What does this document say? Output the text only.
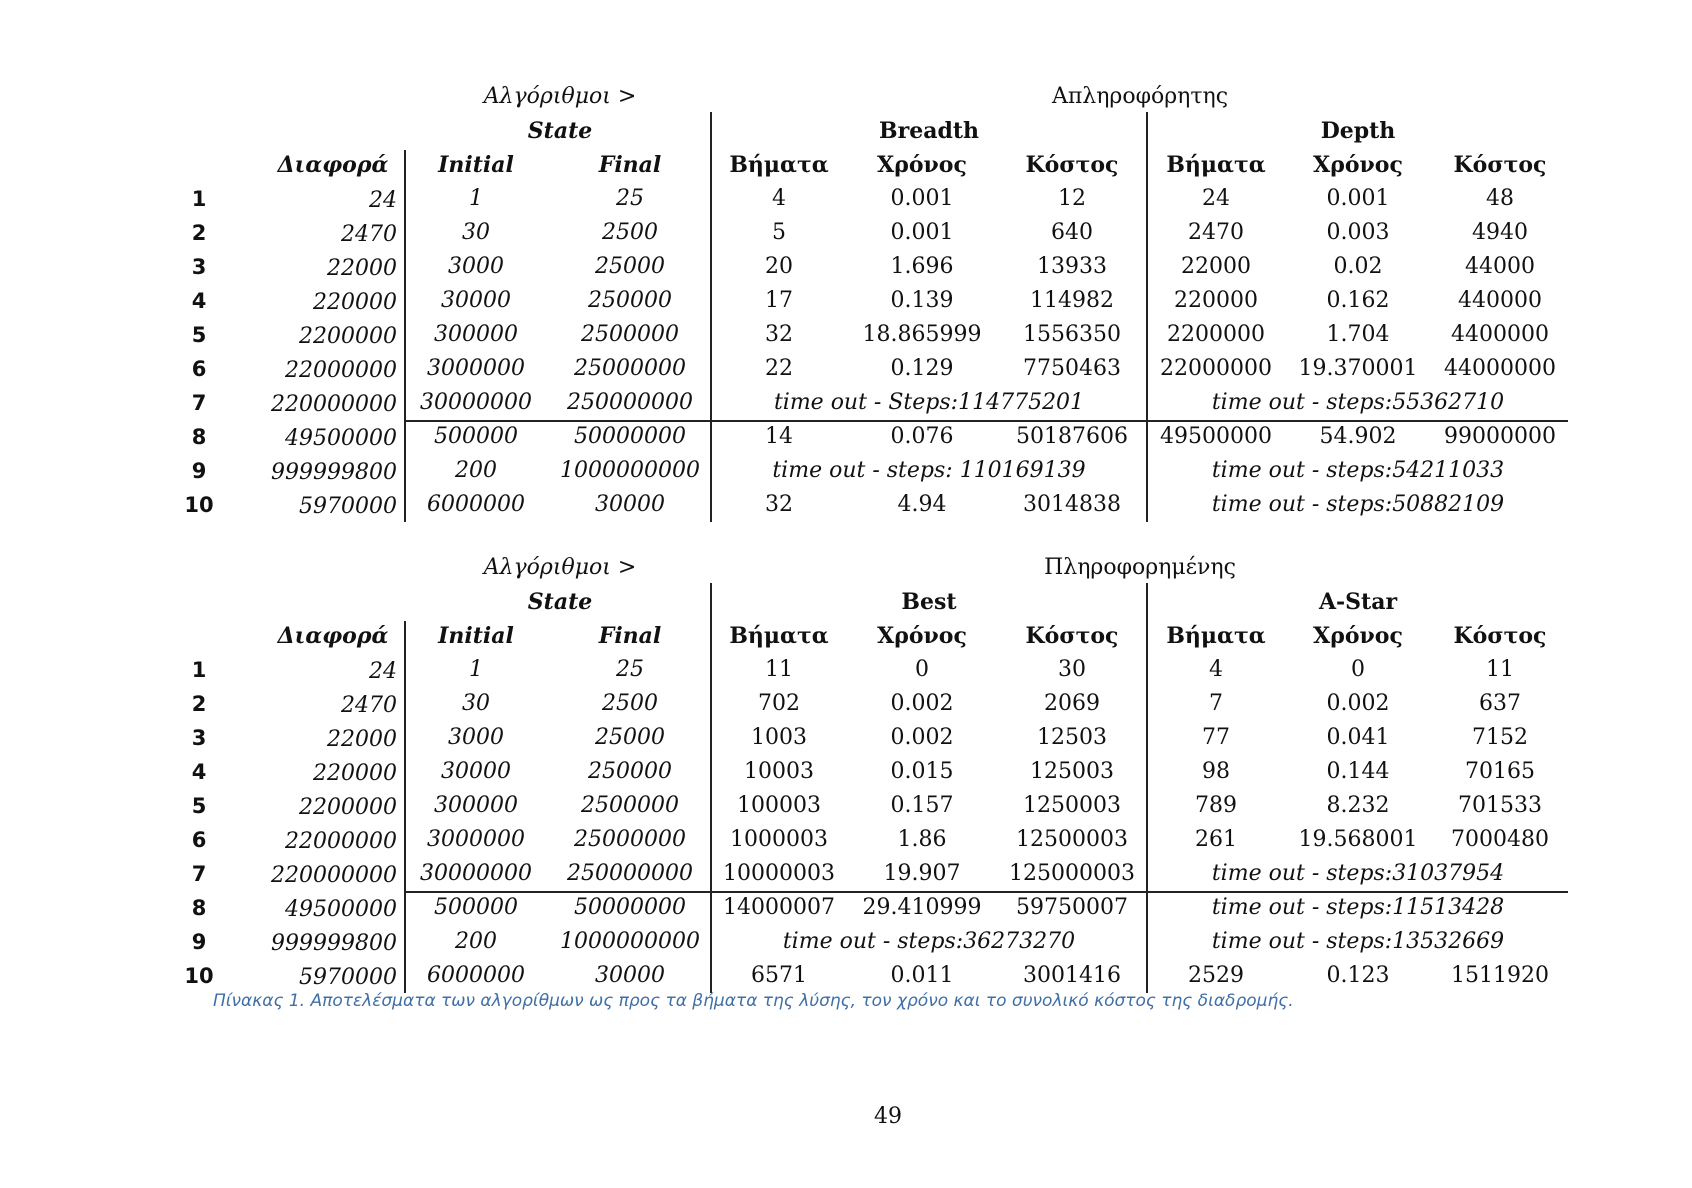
Αλγόριθμοι >	Απληροφόρητης
State	Breadth	Depth
Διαφορά Initial	Final	Βήματα Χρόνος	Κόστος Βήματα Χρόνος Κόστος
1	24	1	25	4	0.001	12	24	0.001	48
2	2470	30	2500	5	0.001	640	2470	0.003	4940
3	22000 3000	25000	20	1.696	13933	22000	0.02	44000
4	220000 30000	250000	17	0.139	114982	220000	0.162	440000
5	2200000 300000	2500000	32	18.865999 1556350 2200000	1.704	4400000
6	22000000 3000000 25000000	22	0.129	7750463 22000000 19.370001 44000000
7	220000000 30000000 250000000	time out - Steps:114775201	time out - steps:55362710
8	49500000 500000	50000000	14	0.076	50187606 49500000 54.902 99000000
9	999999800	200	1000000000	time out - steps: 110169139	time out - steps:54211033
10	5970000 6000000	30000	32	4.94	3014838	time out - steps:50882109
Αλγόριθμοι >	Πληροφορημένης
State	Best	A-Star
Διαφορά Initial	Final	Βήματα Χρόνος	Κόστος Βήματα Χρόνος Κόστος
1	24	1	25	11	0	30	4	0	11
2	2470	30	2500	702	0.002	2069	7	0.002	637
3	22000 3000	25000	1003	0.002	12503	77	0.041	7152
4	220000 30000	250000	10003	0.015	125003	98	0.144	70165
5	2200000 300000	2500000	100003	0.157	1250003	789	8.232	701533
6	22000000 3000000 25000000 1000003	1.86	12500003	261	19.568001 7000480
7	220000000 30000000 250000000 10000003 19.907 125000003	time out - steps:31037954
8	49500000 500000	50000000 14000007 29.410999 59750007	time out - steps:11513428
9	999999800	200	1000000000	time out - steps:36273270	time out - steps:13532669
10	5970000 6000000	30000	6571	0.011	3001416	2529	0.123	1511920
Πίνακας 1. Αποτελέσματα των αλγορίθμων ως προς τα βήματα της λύσης, τον χρόνο και το συνολικό κόστος της διαδρομής.
49
